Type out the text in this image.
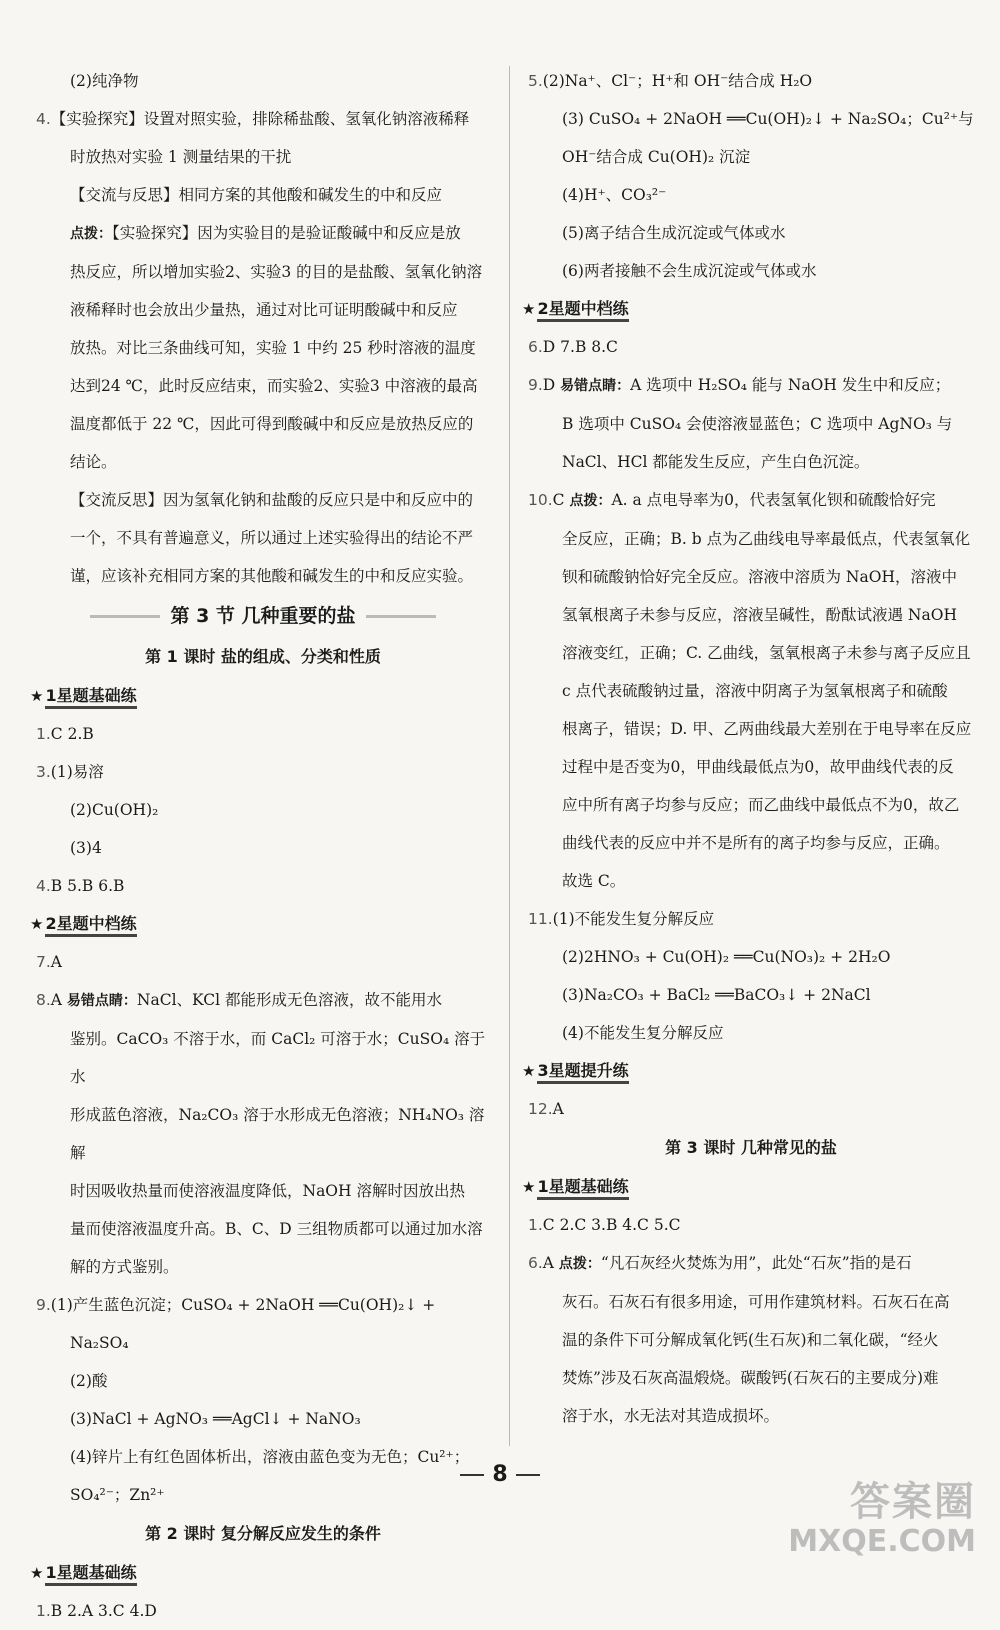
(2)纯净物

4.【实验探究】设置对照实验，排除稀盐酸、氢氧化钠溶液稀释

时放热对实验 1 测量结果的干扰

【交流与反思】相同方案的其他酸和碱发生的中和反应

点拨：【实验探究】因为实验目的是验证酸碱中和反应是放

热反应，所以增加实验2、实验3 的目的是盐酸、氢氧化钠溶

液稀释时也会放出少量热，通过对比可证明酸碱中和反应

放热。对比三条曲线可知，实验 1 中约 25 秒时溶液的温度

达到24 ℃，此时反应结束，而实验2、实验3 中溶液的最高

温度都低于 22 ℃，因此可得到酸碱中和反应是放热反应的

结论。

【交流反思】因为氢氧化钠和盐酸的反应只是中和反应中的

一个，不具有普遍意义，所以通过上述实验得出的结论不严

谨，应该补充相同方案的其他酸和碱发生的中和反应实验。

第 3 节 几种重要的盐

第 1 课时 盐的组成、分类和性质

★ 1星题基础练

1.C 2.B

3.(1)易溶

(2)Cu(OH)₂

(3)4

4.B 5.B 6.B

★ 2星题中档练

7.A

8.A 易错点睛：NaCl、KCl 都能形成无色溶液，故不能用水

鉴别。CaCO₃ 不溶于水，而 CaCl₂ 可溶于水；CuSO₄ 溶于水

形成蓝色溶液，Na₂CO₃ 溶于水形成无色溶液；NH₄NO₃ 溶解

时因吸收热量而使溶液温度降低，NaOH 溶解时因放出热

量而使溶液温度升高。B、C、D 三组物质都可以通过加水溶

解的方式鉴别。

9.(1)产生蓝色沉淀；CuSO₄ + 2NaOH ══Cu(OH)₂↓ +

Na₂SO₄

(2)酸

(3)NaCl + AgNO₃ ══AgCl↓ + NaNO₃

(4)锌片上有红色固体析出，溶液由蓝色变为无色；Cu²⁺；

SO₄²⁻；Zn²⁺

第 2 课时 复分解反应发生的条件

★ 1星题基础练

1.B 2.A 3.C 4.D

5.(2)Na⁺、Cl⁻；H⁺和 OH⁻结合成 H₂O

(3) CuSO₄ + 2NaOH ══Cu(OH)₂↓ + Na₂SO₄；Cu²⁺与

OH⁻结合成 Cu(OH)₂ 沉淀

(4)H⁺、CO₃²⁻

(5)离子结合生成沉淀或气体或水

(6)两者接触不会生成沉淀或气体或水

★ 2星题中档练

6.D 7.B 8.C

9.D 易错点睛：A 选项中 H₂SO₄ 能与 NaOH 发生中和反应；

B 选项中 CuSO₄ 会使溶液显蓝色；C 选项中 AgNO₃ 与

NaCl、HCl 都能发生反应，产生白色沉淀。

10.C 点拨：A. a 点电导率为0，代表氢氧化钡和硫酸恰好完

全反应，正确；B. b 点为乙曲线电导率最低点，代表氢氧化

钡和硫酸钠恰好完全反应。溶液中溶质为 NaOH，溶液中

氢氧根离子未参与反应，溶液呈碱性，酚酞试液遇 NaOH

溶液变红，正确；C. 乙曲线，氢氧根离子未参与离子反应且

c 点代表硫酸钠过量，溶液中阴离子为氢氧根离子和硫酸

根离子，错误；D. 甲、乙两曲线最大差别在于电导率在反应

过程中是否变为0，甲曲线最低点为0，故甲曲线代表的反

应中所有离子均参与反应；而乙曲线中最低点不为0，故乙

曲线代表的反应中并不是所有的离子均参与反应，正确。

故选 C。

11.(1)不能发生复分解反应

(2)2HNO₃ + Cu(OH)₂ ══Cu(NO₃)₂ + 2H₂O

(3)Na₂CO₃ + BaCl₂ ══BaCO₃↓ + 2NaCl

(4)不能发生复分解反应

★ 3星题提升练

12.A

第 3 课时 几种常见的盐

★ 1星题基础练

1.C 2.C 3.B 4.C 5.C

6.A 点拨：“凡石灰经火焚炼为用”，此处“石灰”指的是石

灰石。石灰石有很多用途，可用作建筑材料。石灰石在高

温的条件下可分解成氧化钙(生石灰)和二氧化碳，“经火

焚炼”涉及石灰高温煅烧。碳酸钙(石灰石的主要成分)难

溶于水，水无法对其造成损坏。

8
答案圈
MXQE.COM
